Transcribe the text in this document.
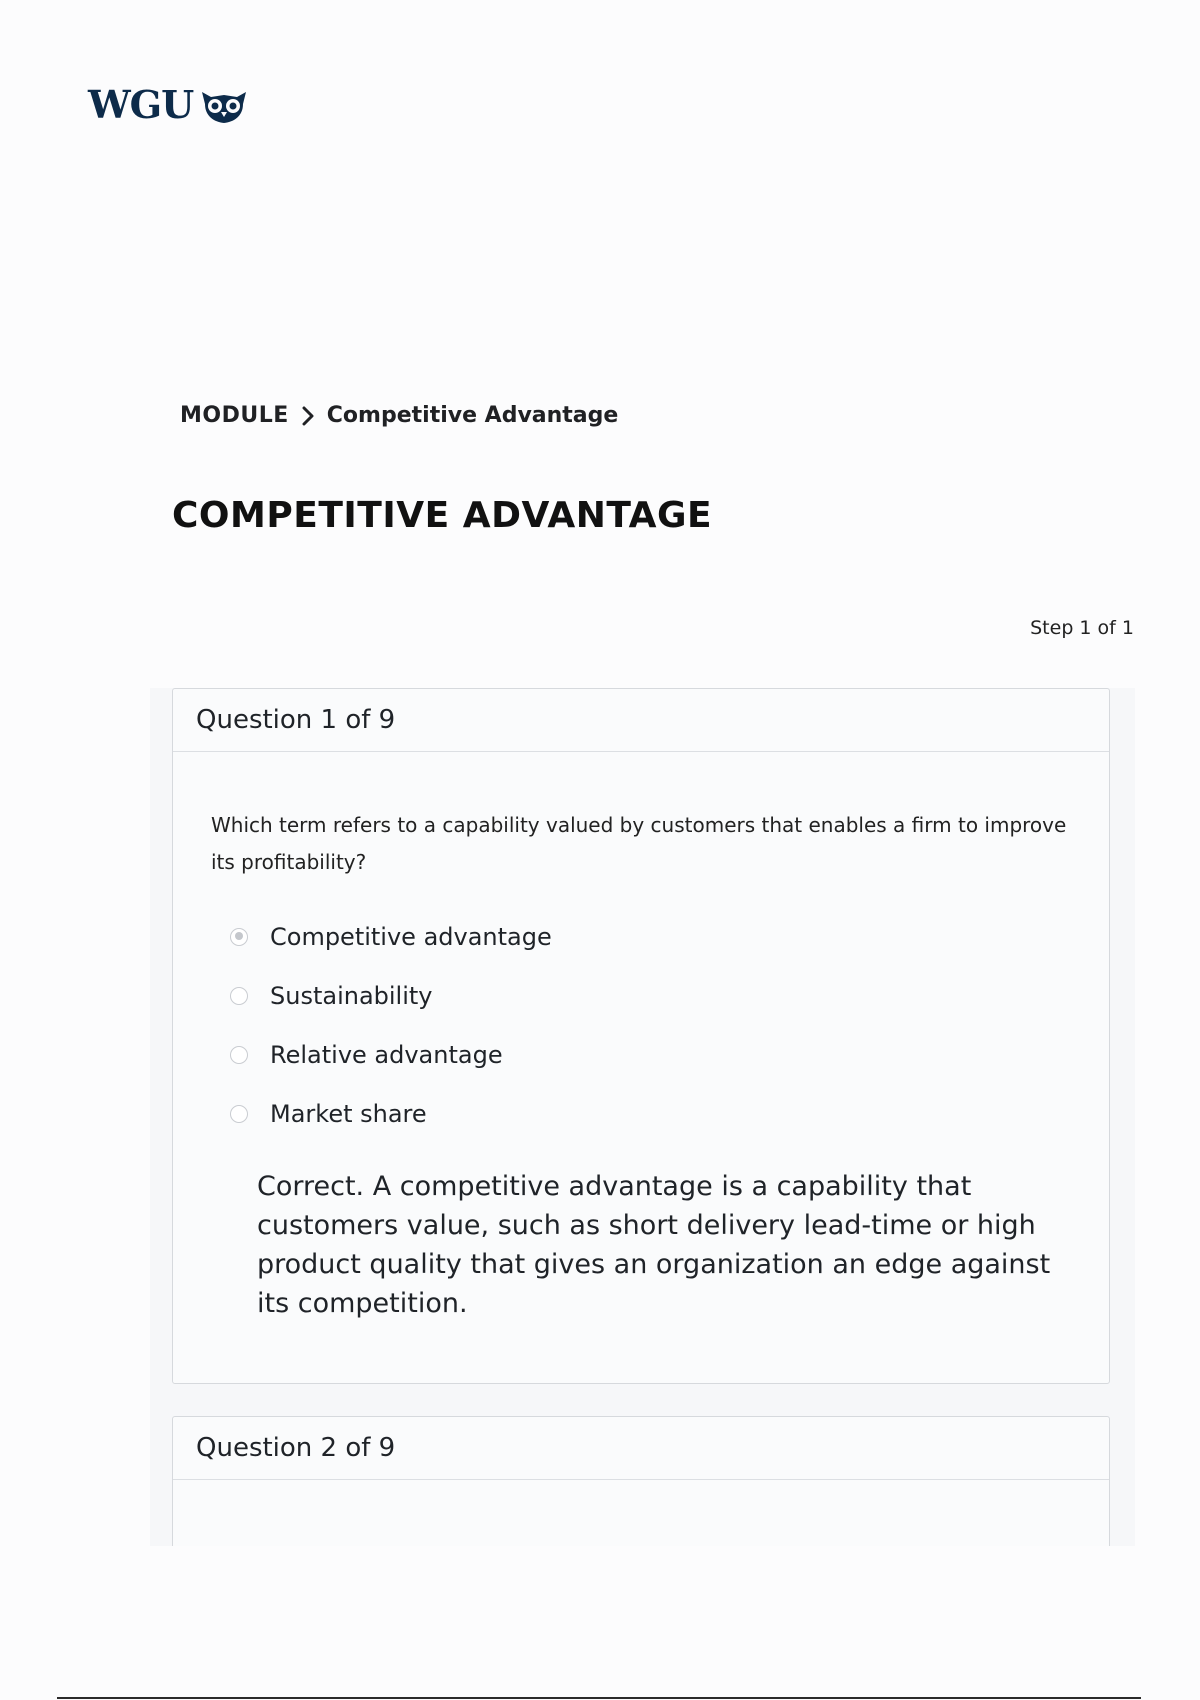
WGU
MODULE Competitive Advantage
COMPETITIVE ADVANTAGE
Step 1 of 1
Question 1 of 9

Which term refers to a capability valued by customers that enables a firm to improve its profitability?

Competitive advantage
Sustainability
Relative advantage
Market share

Correct. A competitive advantage is a capability that customers value, such as short delivery lead-time or high product quality that gives an organization an edge against its competition.

Question 2 of 9
